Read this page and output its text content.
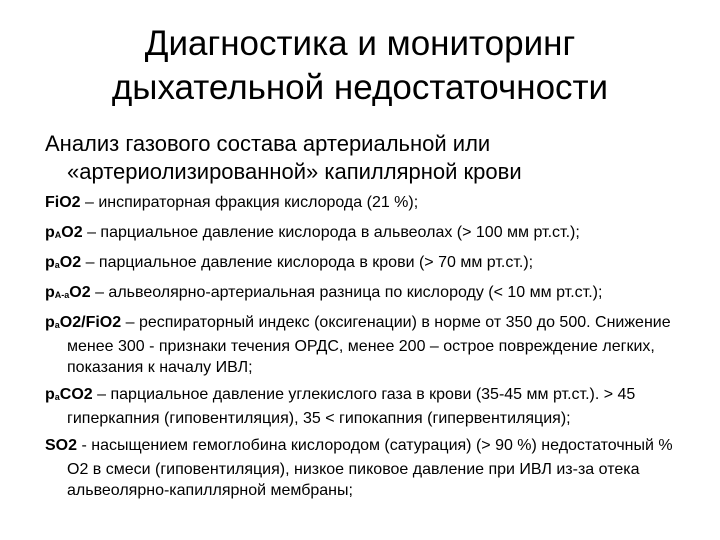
Диагностика и мониторинг
дыхательной недостаточности
Анализ газового состава артериальной или
«артериолизированной» капиллярной крови
FiO2 – инспираторная фракция кислорода (21 %);
$p_AO2$ – парциальное давление кислорода в альвеолах (> 100 мм рт.ст.);
$p_aO2$ – парциальное давление кислорода в крови (> 70 мм рт.ст.);
$p_{A-a}O2$ – альвеолярно-артериальная разница по кислороду (< 10 мм рт.ст.);
$p_aO2/FiO2$ – респираторный индекс (оксигенации) в норме от 350 до 500. Снижение менее 300 - признаки течения ОРДС, менее 200 – острое повреждение легких, показания к началу ИВЛ;
$p_aCO2$ – парциальное давление углекислого газа в крови (35-45 мм рт.ст.). > 45 гиперкапния (гиповентиляция), 35 < гипокапния (гипервентиляция);
SO2 - насыщением гемоглобина кислородом (сатурация) (> 90 %) недостаточный % О2 в смеси (гиповентиляция), низкое пиковое давление при ИВЛ из-за отека альвеолярно-капиллярной мембраны;
